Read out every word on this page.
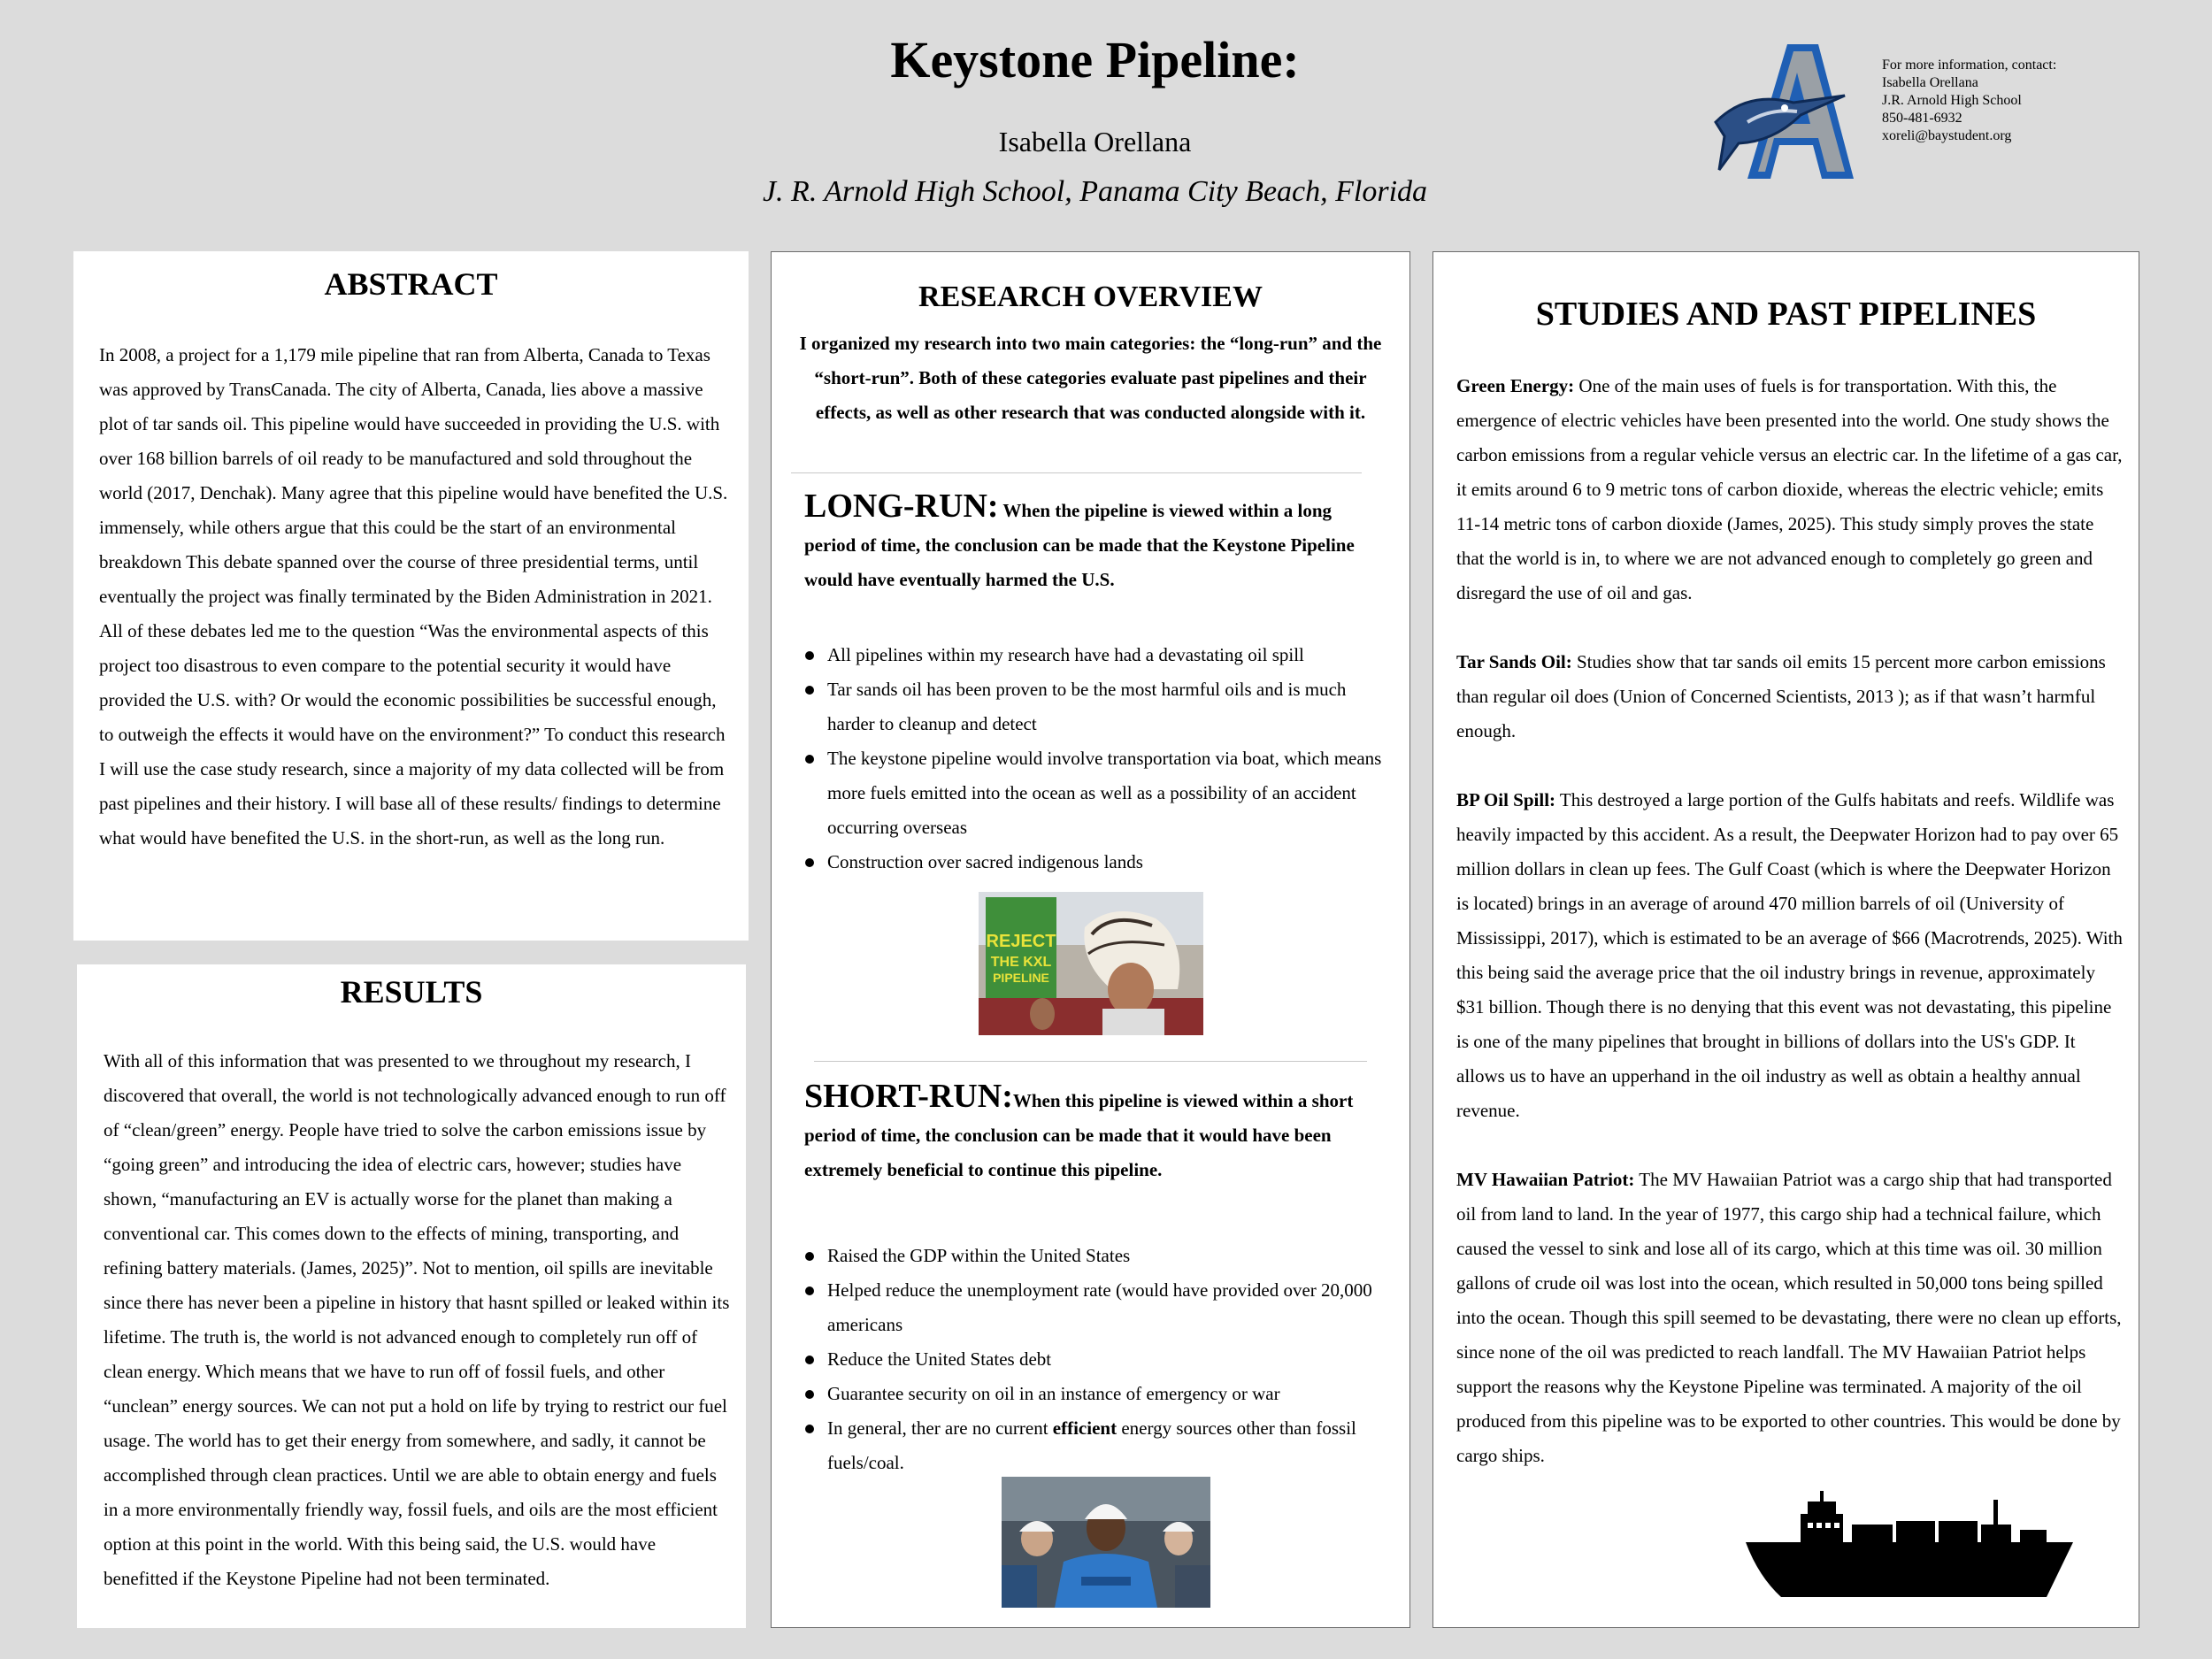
Keystone Pipeline:
Isabella Orellana
J. R. Arnold High School, Panama City Beach, Florida
For more information, contact:
Isabella Orellana
J.R. Arnold High School
850-481-6932
xoreli@baystudent.org
ABSTRACT
In 2008, a project for a 1,179 mile pipeline that ran from Alberta, Canada to Texas was approved by TransCanada. The city of Alberta, Canada, lies above a massive plot of tar sands oil. This pipeline would have succeeded in providing the U.S. with over 168 billion barrels of oil ready to be manufactured and sold throughout the world (2017, Denchak). Many agree that this pipeline would have benefited the U.S. immensely, while others argue that this could be the start of an environmental breakdown This debate spanned over the course of three presidential terms, until eventually the project was finally terminated by the Biden Administration in 2021. All of these debates led me to the question “Was the environmental aspects of this project too disastrous to even compare to the potential security it would have provided the U.S. with? Or would the economic possibilities be successful enough, to outweigh the effects it would have on the environment?” To conduct this research I will use the case study research, since a majority of my data collected will be from past pipelines and their history. I will base all of these results/ findings to determine what would have benefited the U.S. in the short-run, as well as the long run.
RESULTS
With all of this information that was presented to we throughout my research, I discovered that overall, the world is not technologically advanced enough to run off of “clean/green” energy. People have tried to solve the carbon emissions issue by “going green” and introducing the idea of electric cars, however; studies have shown, “manufacturing an EV is actually worse for the planet than making a conventional car. This comes down to the effects of mining, transporting, and refining battery materials. (James, 2025)”. Not to mention, oil spills are inevitable since there has never been a pipeline in history that hasnt spilled or leaked within its lifetime. The truth is, the world is not advanced enough to completely run off of clean energy. Which means that we have to run off of fossil fuels, and other “unclean” energy sources. We can not put a hold on life by trying to restrict our fuel usage. The world has to get their energy from somewhere, and sadly, it cannot be accomplished through clean practices. Until we are able to obtain energy and fuels in a more environmentally friendly way, fossil fuels, and oils are the most efficient option at this point in the world. With this being said, the U.S. would have benefitted if the Keystone Pipeline had not been terminated.
RESEARCH OVERVIEW
I organized my research into two main categories: the “long-run” and the “short-run”. Both of these categories evaluate past pipelines and their effects, as well as other research that was conducted alongside with it.
LONG-RUN: When the pipeline is viewed within a long period of time, the conclusion can be made that the Keystone Pipeline would have eventually harmed the U.S.
All pipelines within my research have had a devastating oil spill
Tar sands oil has been proven to be the most harmful oils and is much harder to cleanup and detect
The keystone pipeline would involve transportation via boat, which means more fuels emitted into the ocean as well as a possibility of an accident occurring overseas
Construction over sacred indigenous lands
REJECT
THE KXL
PIPELINE
SHORT-RUN:When this pipeline is viewed within a short period of time, the conclusion can be made that it would have been extremely beneficial to continue this pipeline.
Raised the GDP within the United States
Helped reduce the unemployment rate (would have provided over 20,000 americans
Reduce the United States debt
Guarantee security on oil in an instance of emergency or war
In general, ther are no current efficient energy sources other than fossil fuels/coal.
STUDIES AND PAST PIPELINES
Green Energy: One of the main uses of fuels is for transportation. With this, the emergence of electric vehicles have been presented into the world. One study shows the carbon emissions from a regular vehicle versus an electric car. In the lifetime of a gas car, it emits around 6 to 9 metric tons of carbon dioxide, whereas the electric vehicle; emits 11-14 metric tons of carbon dioxide (James, 2025). This study simply proves the state that the world is in, to where we are not advanced enough to completely go green and disregard the use of oil and gas.
Tar Sands Oil: Studies show that tar sands oil emits 15 percent more carbon emissions than regular oil does (Union of Concerned Scientists, 2013 ); as if that wasn’t harmful enough.
BP Oil Spill: This destroyed a large portion of the Gulfs habitats and reefs. Wildlife was heavily impacted by this accident. As a result, the Deepwater Horizon had to pay over 65 million dollars in clean up fees. The Gulf Coast (which is where the Deepwater Horizon is located) brings in an average of around 470 million barrels of oil (University of Mississippi, 2017), which is estimated to be an average of $66 (Macrotrends, 2025). With this being said the average price that the oil industry brings in revenue, approximately $31 billion. Though there is no denying that this event was not devastating, this pipeline is one of the many pipelines that brought in billions of dollars into the US's GDP. It allows us to have an upperhand in the oil industry as well as obtain a healthy annual revenue.
MV Hawaiian Patriot: The MV Hawaiian Patriot was a cargo ship that had transported oil from land to land. In the year of 1977, this cargo ship had a technical failure, which caused the vessel to sink and lose all of its cargo, which at this time was oil. 30 million gallons of crude oil was lost into the ocean, which resulted in 50,000 tons being spilled into the ocean. Though this spill seemed to be devastating, there were no clean up efforts, since none of the oil was predicted to reach landfall. The MV Hawaiian Patriot helps support the reasons why the Keystone Pipeline was terminated. A majority of the oil produced from this pipeline was to be exported to other countries. This would be done by cargo ships.
